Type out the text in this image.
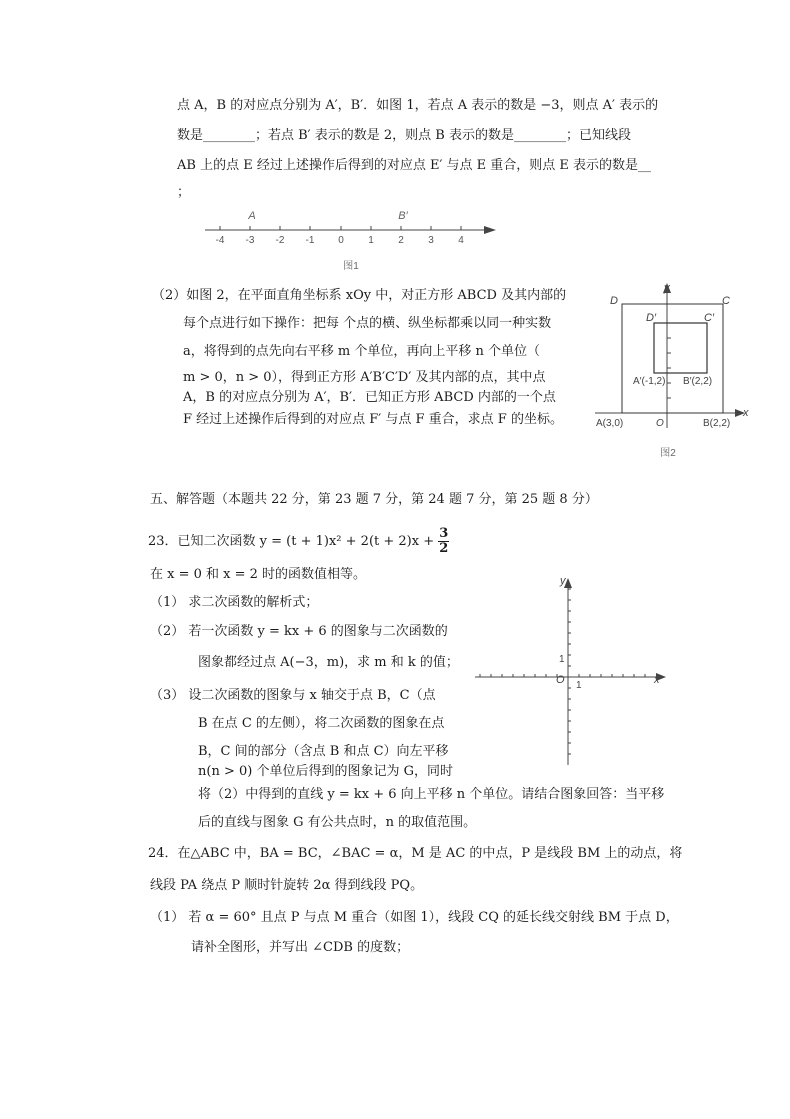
点 A，B 的对应点分别为 A′，B′．如图 1，若点 A 表示的数是 −3，则点 A′ 表示的
数是________；若点 B′ 表示的数是 2，则点 B 表示的数是________；已知线段
AB 上的点 E 经过上述操作后得到的对应点 E′ 与点 E 重合，则点 E 表示的数是__
；
-4 -3 -2 -1 0 1 2 3 4
A	B′
图1
（2）如图 2，在平面直角坐标系 xOy 中，对正方形 ABCD 及其内部的
每个点进行如下操作：把每 个点的横、纵坐标都乘以同一种实数
a，将得到的点先向右平移 m 个单位，再向上平移 n 个单位（
m > 0，n > 0），得到正方形 A′B′C′D′ 及其内部的点，其中点
A，B 的对应点分别为 A′，B′．已知正方形 ABCD 内部的一个点
F 经过上述操作后得到的对应点 F′ 与点 F 重合，求点 F 的坐标。
y
x
D	C
D′	C′
A′(-1,2) B′(2,2)
A(3,0)	O	B(2,2)
图2
五、解答题（本题共 22 分，第 23 题 7 分，第 24 题 7 分，第 25 题 8 分）
23．已知二次函数 $y = (t + 1)x^2 + 2(t + 2)x + \frac{3}{2}$
在 x = 0 和 x = 2 时的函数值相等。
（1） 求二次函数的解析式；
（2） 若一次函数 y = kx + 6 的图象与二次函数的
图象都经过点 A(−3，m)，求 m 和 k 的值；
（3） 设二次函数的图象与 x 轴交于点 B，C（点
B 在点 C 的左侧），将二次函数的图象在点
B，C 间的部分（含点 B 和点 C）向左平移
n(n > 0) 个单位后得到的图象记为 G，同时
将（2）中得到的直线 y = kx + 6 向上平移 n 个单位。请结合图象回答：当平移
后的直线与图象 G 有公共点时，n 的取值范围。
y
x
O 1
1
24．在△ABC 中，BA = BC，∠BAC = α，M 是 AC 的中点，P 是线段 BM 上的动点，将
线段 PA 绕点 P 顺时针旋转 2α 得到线段 PQ。
（1） 若 α = 60° 且点 P 与点 M 重合（如图 1），线段 CQ 的延长线交射线 BM 于点 D，
请补全图形，并写出 ∠CDB 的度数；
